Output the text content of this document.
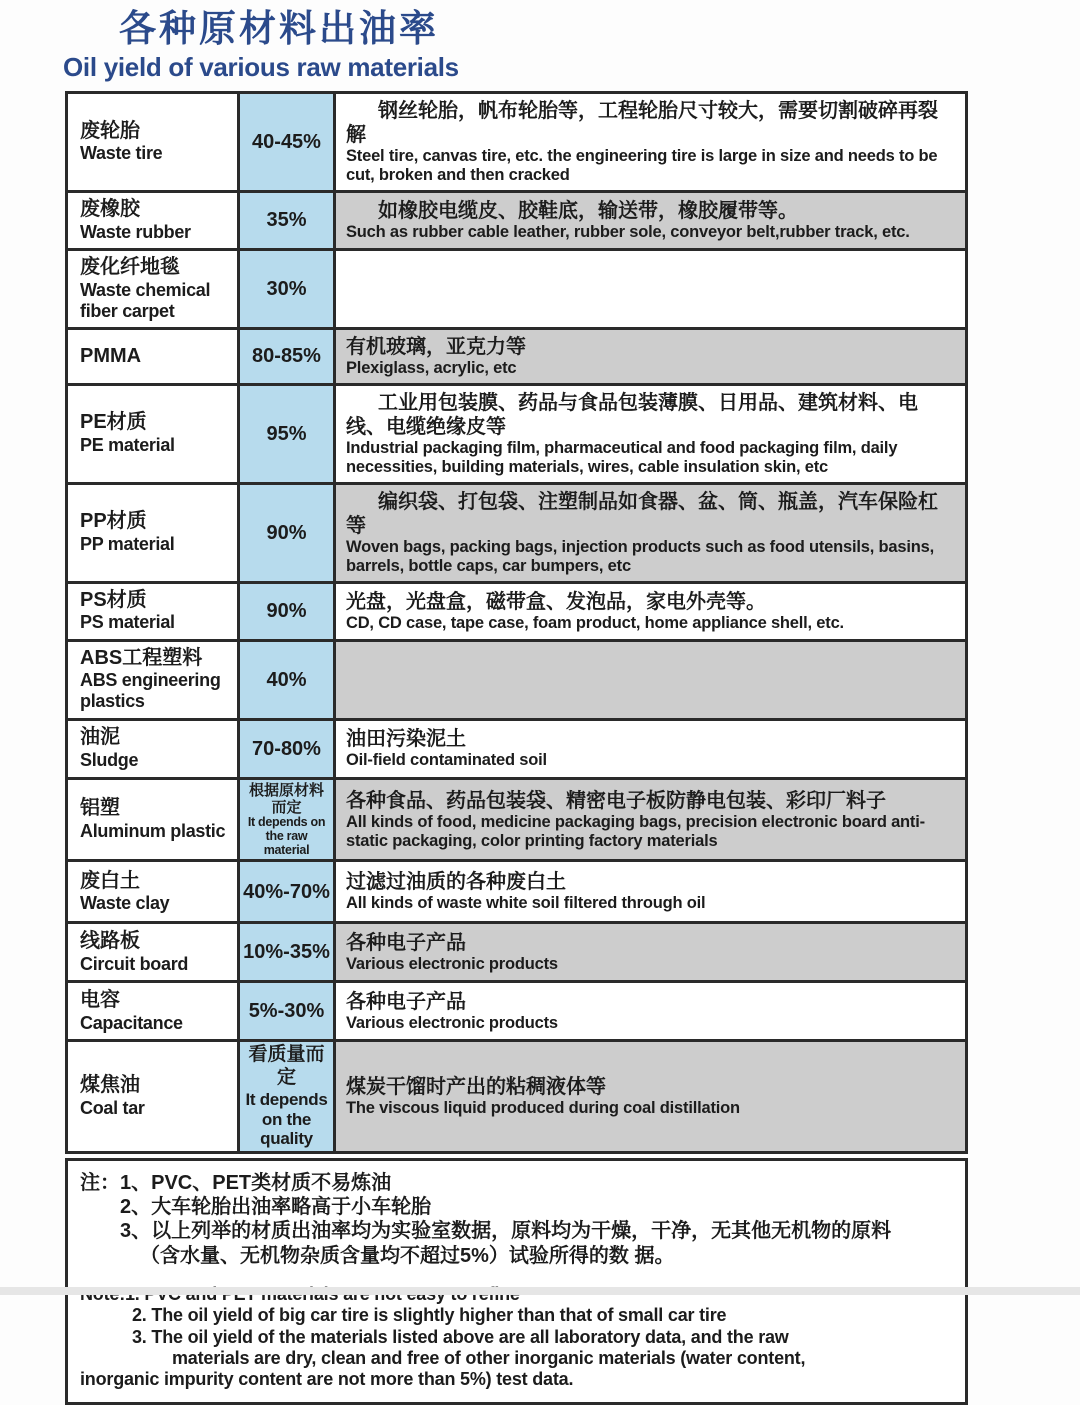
各种原材料出油率
Oil yield of various raw materials
废轮胎
Waste tire
40-45%
钢丝轮胎，帆布轮胎等，工程轮胎尺寸较大，需要切割破碎再裂解
Steel tire, canvas tire, etc. the engineering tire is large in size and needs to be cut, broken and then cracked
废橡胶
Waste rubber
35%	如橡胶电缆皮、胶鞋底，输送带，橡胶履带等。
Such as rubber cable leather, rubber sole, conveyor belt,rubber track, etc.
废化纤地毯
Waste chemical fiber carpet
30%
PMMA	80-85% 有机玻璃，亚克力等
Plexiglass, acrylic, etc
PE材质
PE material
95%
工业用包装膜、药品与食品包装薄膜、日用品、建筑材料、电线、电缆绝缘皮等
Industrial packaging film, pharmaceutical and food packaging film, daily necessities, building materials, wires, cable insulation skin, etc
PP材质
PP material
90%
编织袋、打包袋、注塑制品如食器、盆、筒、瓶盖，汽车保险杠等
Woven bags, packing bags, injection products such as food utensils, basins, barrels, bottle caps, car bumpers, etc
PS材质
PS material
90% 光盘，光盘盒，磁带盒、发泡品，家电外壳等。
CD, CD case, tape case, foam product, home appliance shell, etc.
ABS工程塑料
ABS engineering plastics
40%
油泥
Sludge
70-80% 油田污染泥土
Oil-field contaminated soil
铝塑
Aluminum plastic
根据原材料而定
It depends on the raw material
各种食品、药品包装袋、精密电子板防静电包装、彩印厂料子
All kinds of food, medicine packaging bags, precision electronic board anti-static packaging, color printing factory materials
废白土
Waste clay
40%-70% 过滤过油质的各种废白土
All kinds of waste white soil filtered through oil
线路板
Circuit board
10%-35% 各种电子产品
Various electronic products
电容
Capacitance
5%-30% 各种电子产品
Various electronic products
煤焦油
Coal tar
看质量而定
It depends on the quality
煤炭干馏时产出的粘稠液体等
The viscous liquid produced during coal distillation
注：1、PVC、PET类材质不易炼油
2、大车轮胎出油率略高于小车轮胎
3、以上列举的材质出油率均为实验室数据，原料均为干燥，干净，无其他无机物的原料
（含水量、无机物杂质含量均不超过5%）试验所得的数 据。
2. The oil yield of big car tire is slightly higher than that of small car tire
3. The oil yield of the materials listed above are all laboratory data, and the raw
materials are dry, clean and free of other inorganic materials (water content,
inorganic impurity content are not more than 5%) test data.
